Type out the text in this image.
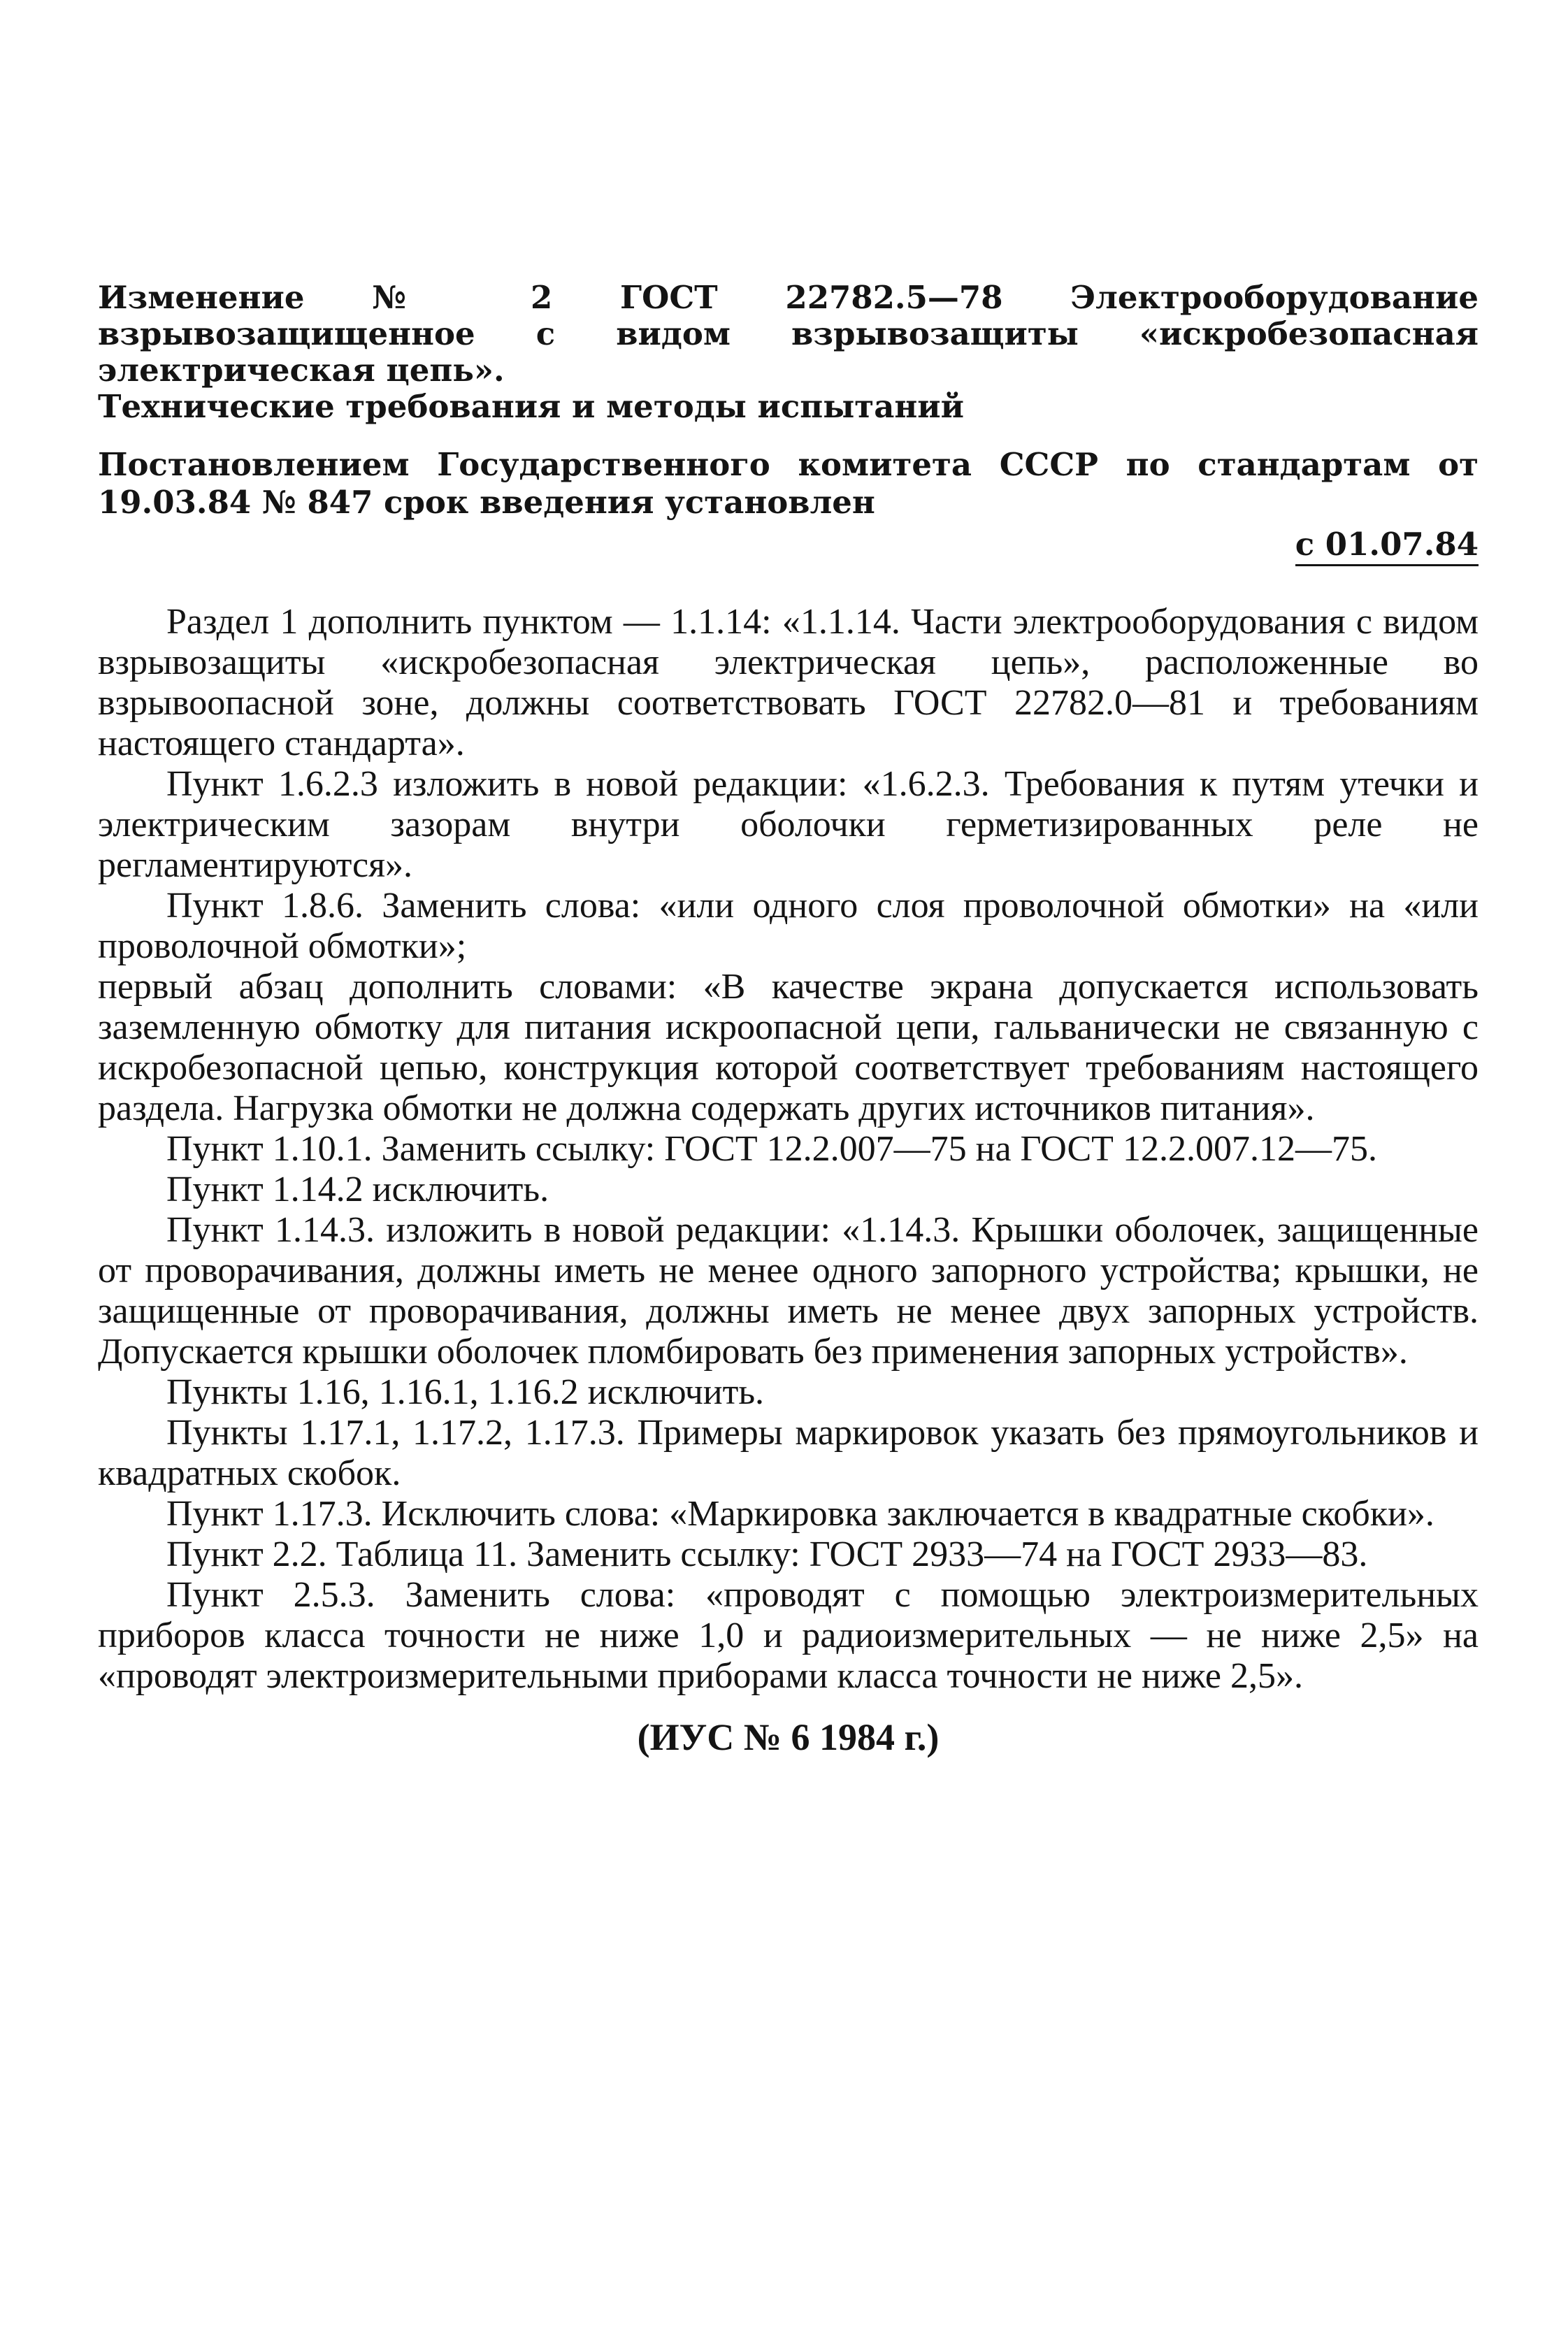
Изменение № 2 ГОСТ 22782.5—78 Электрооборудование взрывозащищенное с видом взрывозащиты «искробезопасная электрическая цепь».

Технические требования и методы испытаний

Постановлением Государственного комитета СССР по стандартам от 19.03.84 № 847 срок введения установлен

с 01.07.84

Раздел 1 дополнить пунктом — 1.1.14: «1.1.14. Части электрооборудования с видом взрывозащиты «искробезопасная электрическая цепь», расположенные во взрывоопасной зоне, должны соответствовать ГОСТ 22782.0—81 и требованиям настоящего стандарта».

Пункт 1.6.2.3 изложить в новой редакции: «1.6.2.3. Требования к путям утечки и электрическим зазорам внутри оболочки герметизированных реле не регламентируются».

Пункт 1.8.6. Заменить слова: «или одного слоя проволочной обмотки» на «или проволочной обмотки»;

первый абзац дополнить словами: «В качестве экрана допускается использовать заземленную обмотку для питания искроопасной цепи, гальванически не связанную с искробезопасной цепью, конструкция которой соответствует требованиям настоящего раздела. Нагрузка обмотки не должна содержать других источников питания».

Пункт 1.10.1. Заменить ссылку: ГОСТ 12.2.007—75 на ГОСТ 12.2.007.12—75.

Пункт 1.14.2 исключить.

Пункт 1.14.3. изложить в новой редакции: «1.14.3. Крышки оболочек, защищенные от проворачивания, должны иметь не менее одного запорного устройства; крышки, не защищенные от проворачивания, должны иметь не менее двух запорных устройств. Допускается крышки оболочек пломбировать без применения запорных устройств».

Пункты 1.16, 1.16.1, 1.16.2 исключить.

Пункты 1.17.1, 1.17.2, 1.17.3. Примеры маркировок указать без прямоугольников и квадратных скобок.

Пункт 1.17.3. Исключить слова: «Маркировка заключается в квадратные скобки».

Пункт 2.2. Таблица 11. Заменить ссылку: ГОСТ 2933—74 на ГОСТ 2933—83.

Пункт 2.5.3. Заменить слова: «проводят с помощью электроизмерительных приборов класса точности не ниже 1,0 и радиоизмерительных — не ниже 2,5» на «проводят электроизмерительными приборами класса точности не ниже 2,5».

(ИУС № 6 1984 г.)
